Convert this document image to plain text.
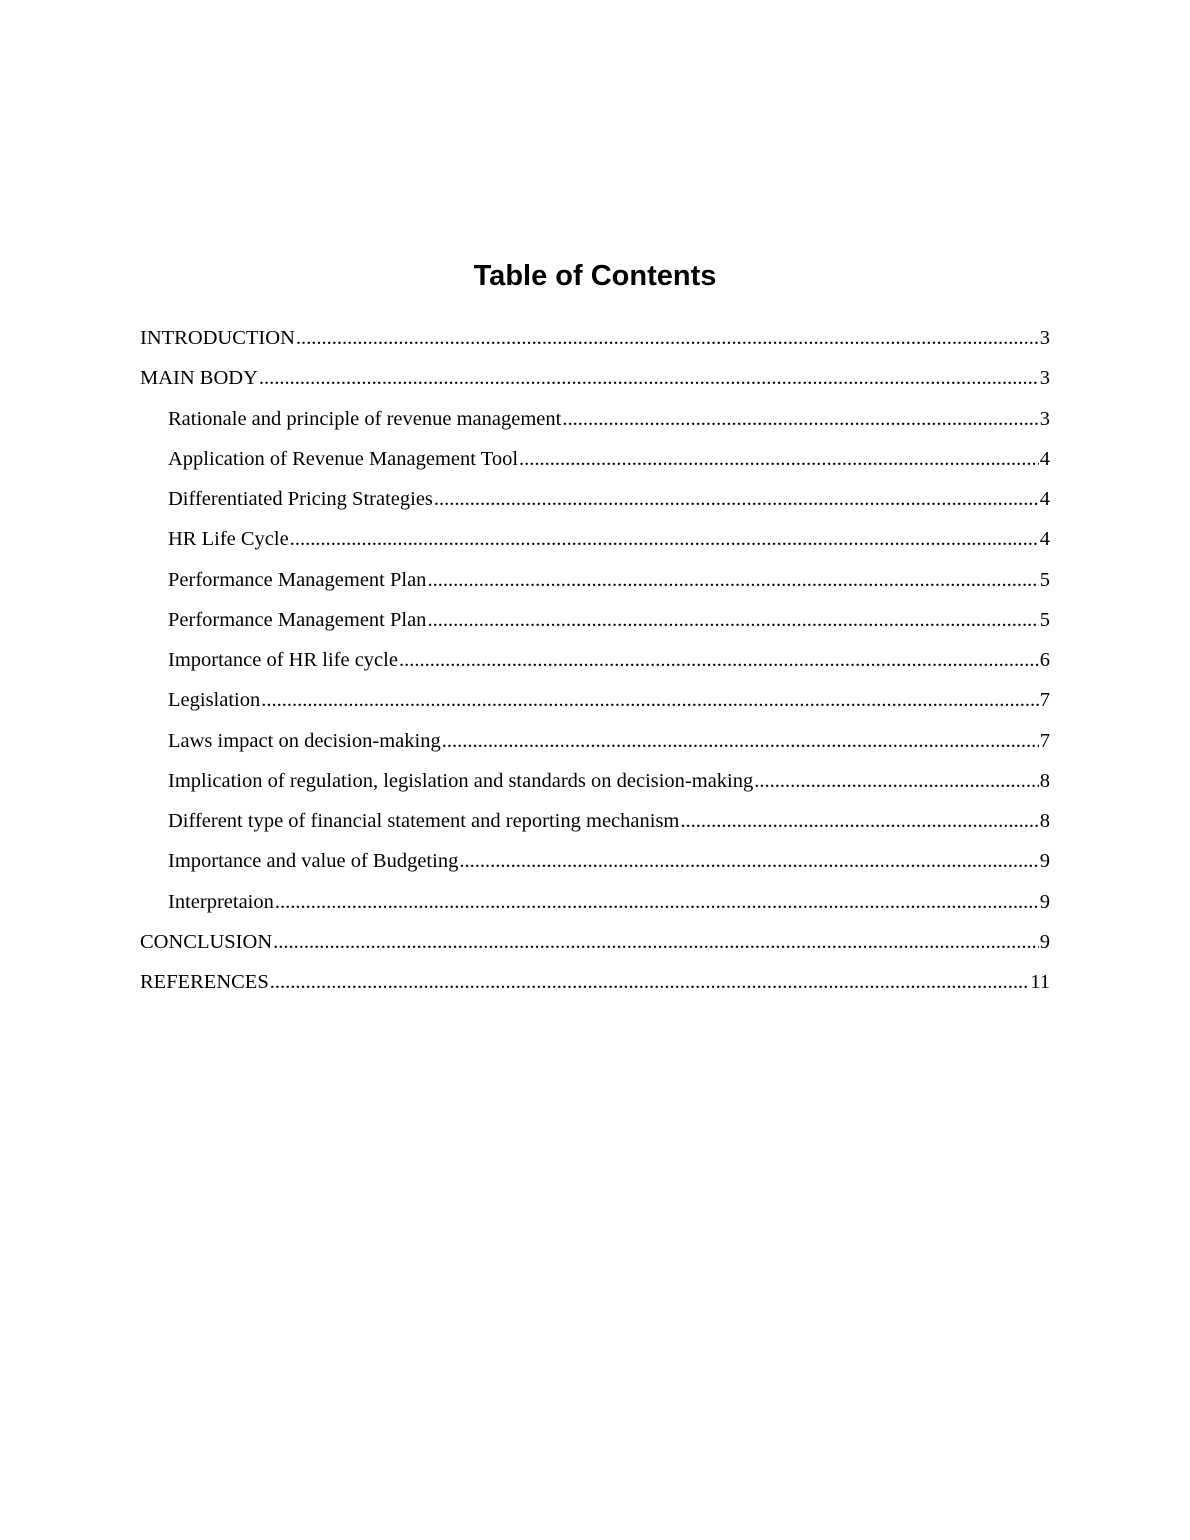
Table of Contents
INTRODUCTION .....	3
MAIN BODY .....	3
Rationale and principle of revenue management .....	3
Application of Revenue Management Tool .....	4
Differentiated Pricing Strategies .....	4
HR Life Cycle .....	4
Performance Management Plan .....	5
Performance Management Plan .....	5
Importance of HR life cycle .....	6
Legislation .....	7
Laws impact on decision-making .....	7
Implication of regulation, legislation and standards on decision-making .....	8
Different type of financial statement and reporting mechanism .....	8
Importance and value of Budgeting .....	9
Interpretaion .....	9
CONCLUSION .....	9
REFERENCES .....	11
